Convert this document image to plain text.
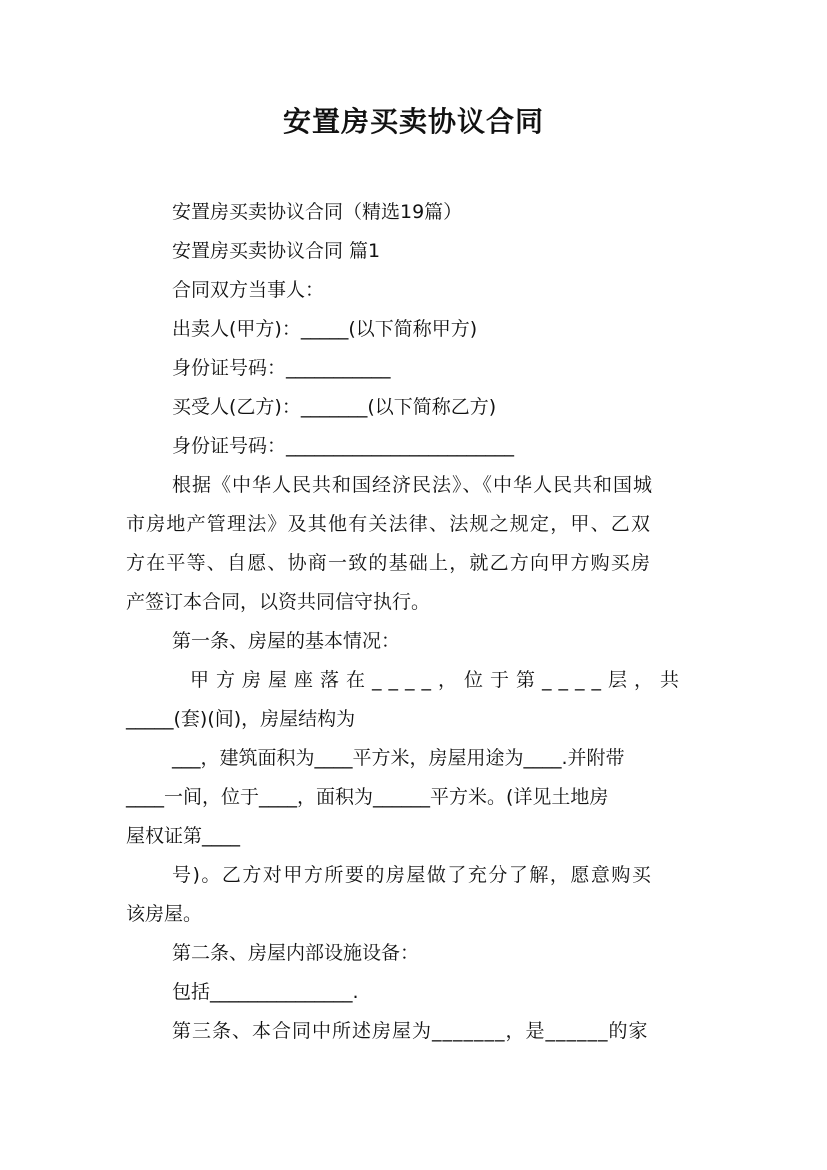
安置房买卖协议合同
安置房买卖协议合同（精选19篇）
安置房买卖协议合同 篇1
合同双方当事人：
出卖人(甲方)：_____(以下简称甲方)
身份证号码：___________
买受人(乙方)：_______(以下简称乙方)
身份证号码：________________________
根据《中华人民共和国经济民法》、《中华人民共和国城
市房地产管理法》及其他有关法律、法规之规定，甲、乙双
方在平等、自愿、协商一致的基础上，就乙方向甲方购买房
产签订本合同，以资共同信守执行。
第一条、房屋的基本情况：
甲方房屋座落在____，位于第____层，共
_____(套)(间)，房屋结构为
___，建筑面积为____平方米，房屋用途为____.并附带
____一间，位于____，面积为______平方米。(详见土地房
屋权证第____
号)。乙方对甲方所要的房屋做了充分了解，愿意购买
该房屋。
第二条、房屋内部设施设备：
包括_______________.
第三条、本合同中所述房屋为_______，是______的家
